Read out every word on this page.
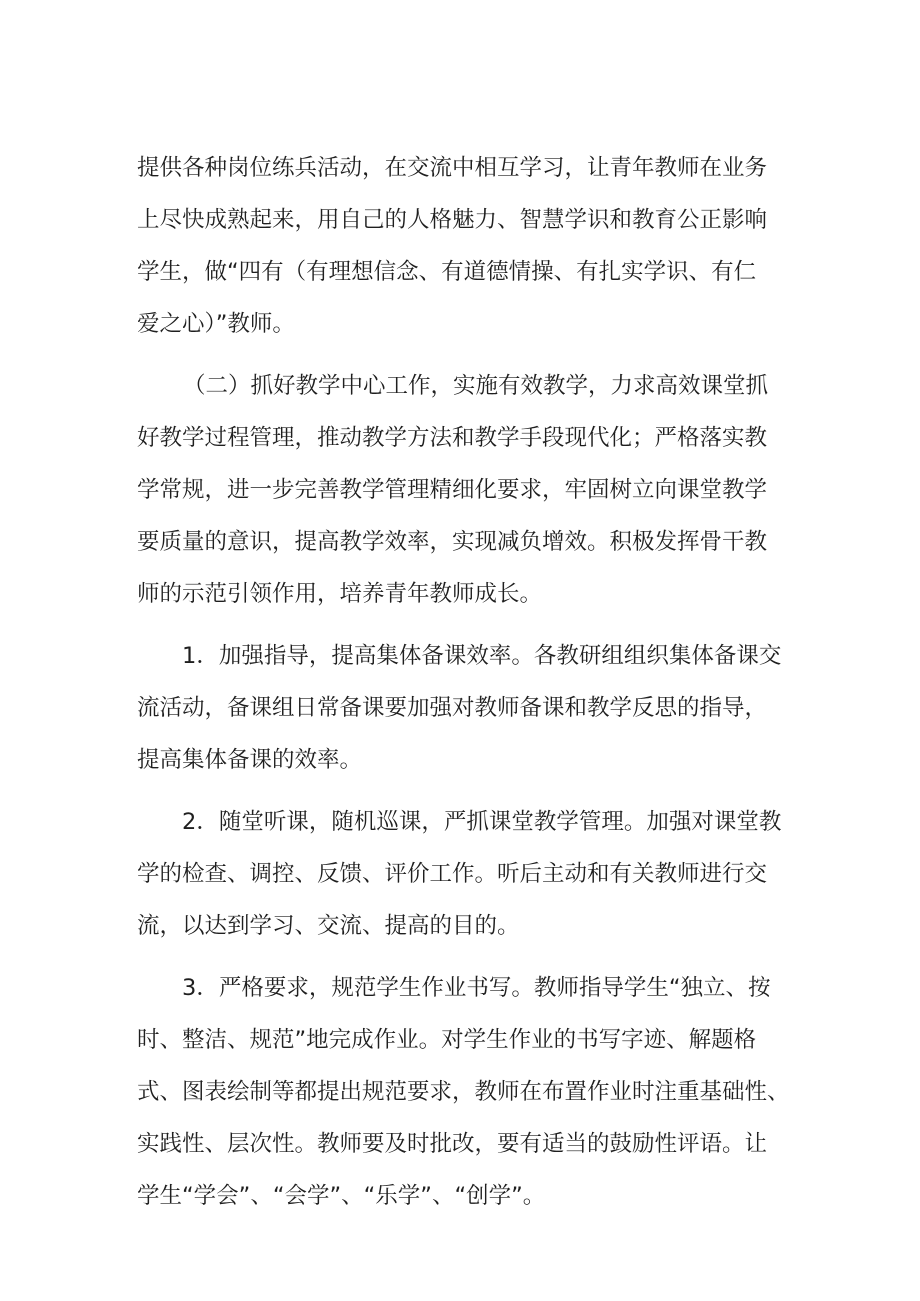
提供各种岗位练兵活动，在交流中相互学习，让青年教师在业务

上尽快成熟起来，用自己的人格魅力、智慧学识和教育公正影响

学生，做“四有（有理想信念、有道德情操、有扎实学识、有仁

爱之心）”教师。

（二）抓好教学中心工作，实施有效教学，力求高效课堂抓

好教学过程管理，推动教学方法和教学手段现代化；严格落实教

学常规，进一步完善教学管理精细化要求，牢固树立向课堂教学

要质量的意识，提高教学效率，实现减负增效。积极发挥骨干教

师的示范引领作用，培养青年教师成长。

1．加强指导，提高集体备课效率。各教研组组织集体备课交

流活动，备课组日常备课要加强对教师备课和教学反思的指导，

提高集体备课的效率。

2．随堂听课，随机巡课，严抓课堂教学管理。加强对课堂教

学的检查、调控、反馈、评价工作。听后主动和有关教师进行交

流，以达到学习、交流、提高的目的。

3．严格要求，规范学生作业书写。教师指导学生“独立、按

时、整洁、规范”地完成作业。对学生作业的书写字迹、解题格

式、图表绘制等都提出规范要求，教师在布置作业时注重基础性、

实践性、层次性。教师要及时批改，要有适当的鼓励性评语。让

学生“学会”、“会学”、“乐学”、“创学”。
